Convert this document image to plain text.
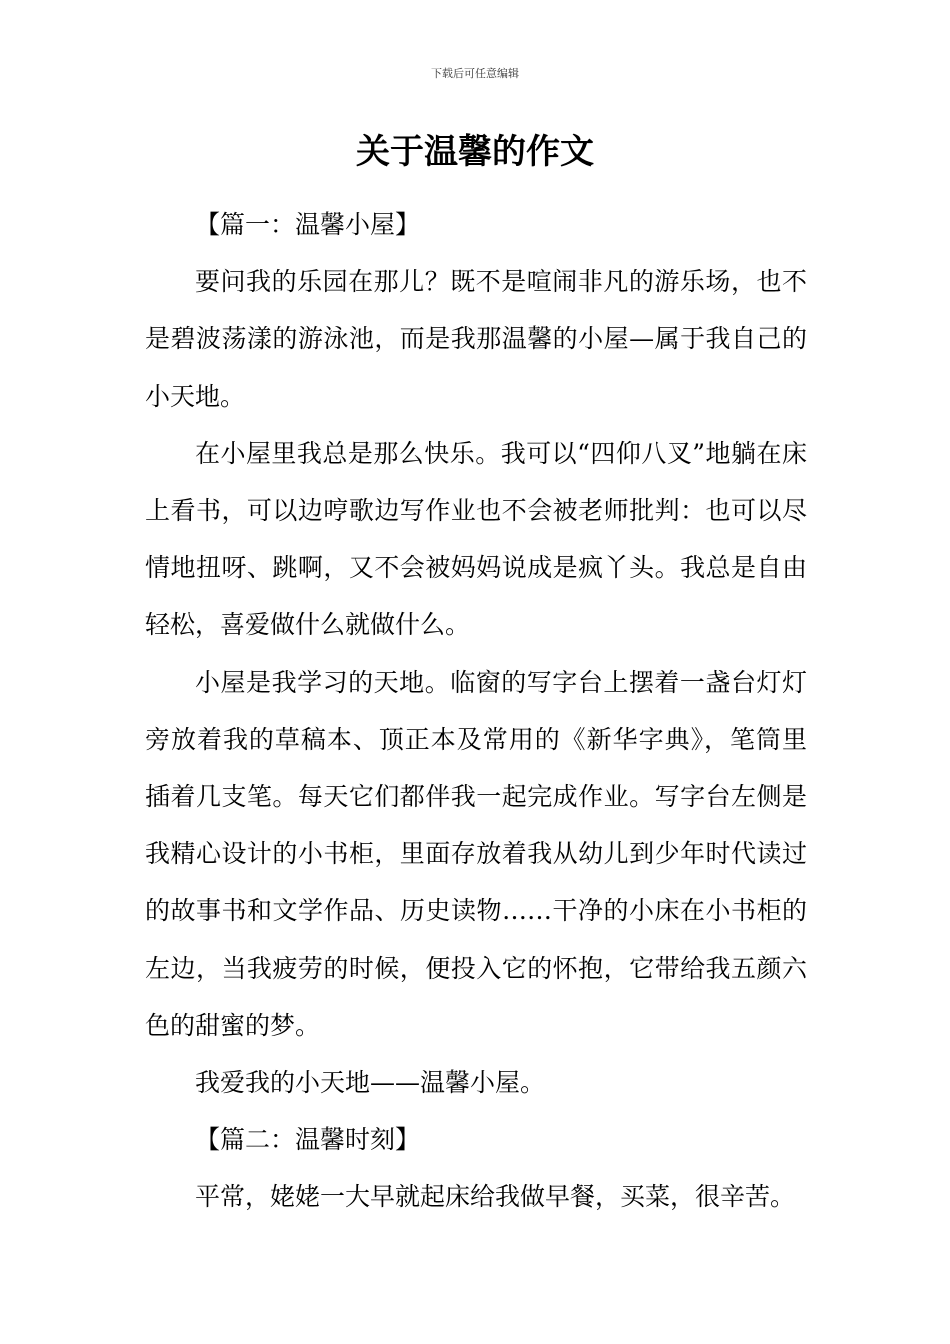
下载后可任意编辑
关于温馨的作文

【篇一：温馨小屋】

要问我的乐园在那儿？既不是喧闹非凡的游乐场，也不是碧波荡漾的游泳池，而是我那温馨的小屋—属于我自己的小天地。

在小屋里我总是那么快乐。我可以“四仰八叉”地躺在床上看书，可以边哼歌边写作业也不会被老师批判：也可以尽情地扭呀、跳啊，又不会被妈妈说成是疯丫头。我总是自由轻松，喜爱做什么就做什么。

小屋是我学习的天地。临窗的写字台上摆着一盏台灯灯旁放着我的草稿本、顶正本及常用的《新华字典》，笔筒里插着几支笔。每天它们都伴我一起完成作业。写字台左侧是我精心设计的小书柜，里面存放着我从幼儿到少年时代读过的故事书和文学作品、历史读物……干净的小床在小书柜的左边，当我疲劳的时候，便投入它的怀抱，它带给我五颜六色的甜蜜的梦。

我爱我的小天地——温馨小屋。

【篇二：温馨时刻】

平常，姥姥一大早就起床给我做早餐，买菜，很辛苦。
